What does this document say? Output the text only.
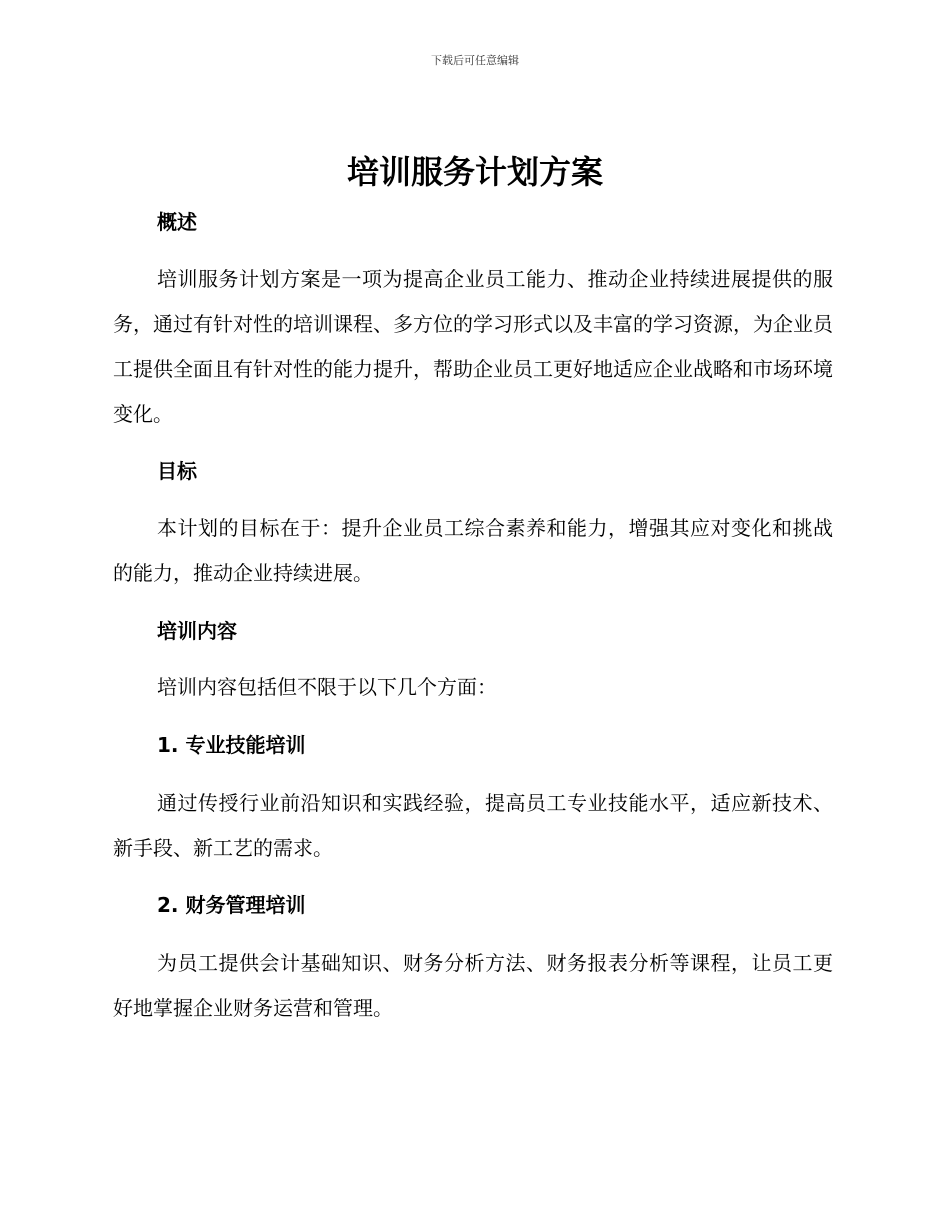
下载后可任意编辑
培训服务计划方案
概述

培训服务计划方案是一项为提高企业员工能力、推动企业持续进展提供的服务，通过有针对性的培训课程、多方位的学习形式以及丰富的学习资源，为企业员工提供全面且有针对性的能力提升，帮助企业员工更好地适应企业战略和市场环境变化。

目标

本计划的目标在于：提升企业员工综合素养和能力，增强其应对变化和挑战的能力，推动企业持续进展。

培训内容

培训内容包括但不限于以下几个方面：

1. 专业技能培训

通过传授行业前沿知识和实践经验，提高员工专业技能水平，适应新技术、新手段、新工艺的需求。

2. 财务管理培训

为员工提供会计基础知识、财务分析方法、财务报表分析等课程，让员工更好地掌握企业财务运营和管理。
